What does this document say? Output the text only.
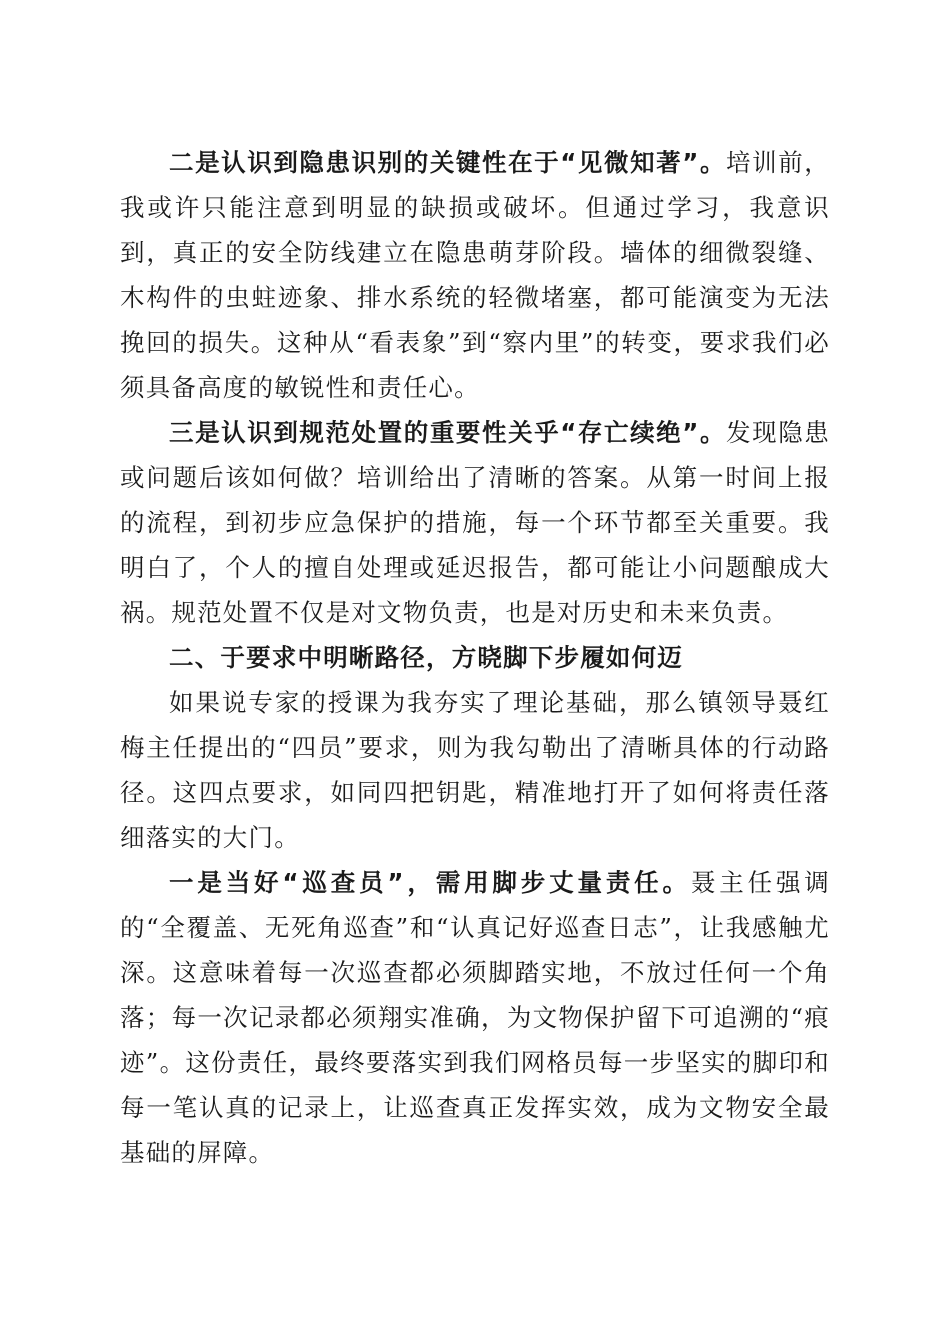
二是认识到隐患识别的关键性在于“见微知著”。培训前，我或许只能注意到明显的缺损或破坏。但通过学习，我意识到，真正的安全防线建立在隐患萌芽阶段。墙体的细微裂缝、木构件的虫蛀迹象、排水系统的轻微堵塞，都可能演变为无法挽回的损失。这种从“看表象”到“察内里”的转变，要求我们必须具备高度的敏锐性和责任心。

三是认识到规范处置的重要性关乎“存亡续绝”。发现隐患或问题后该如何做？培训给出了清晰的答案。从第一时间上报的流程，到初步应急保护的措施，每一个环节都至关重要。我明白了，个人的擅自处理或延迟报告，都可能让小问题酿成大祸。规范处置不仅是对文物负责，也是对历史和未来负责。

二、于要求中明晰路径，方晓脚下步履如何迈

如果说专家的授课为我夯实了理论基础，那么镇领导聂红梅主任提出的“四员”要求，则为我勾勒出了清晰具体的行动路径。这四点要求，如同四把钥匙，精准地打开了如何将责任落细落实的大门。

一是当好“巡查员”，需用脚步丈量责任。聂主任强调的“全覆盖、无死角巡查”和“认真记好巡查日志”，让我感触尤深。这意味着每一次巡查都必须脚踏实地，不放过任何一个角落；每一次记录都必须翔实准确，为文物保护留下可追溯的“痕迹”。这份责任，最终要落实到我们网格员每一步坚实的脚印和每一笔认真的记录上，让巡查真正发挥实效，成为文物安全最基础的屏障。
